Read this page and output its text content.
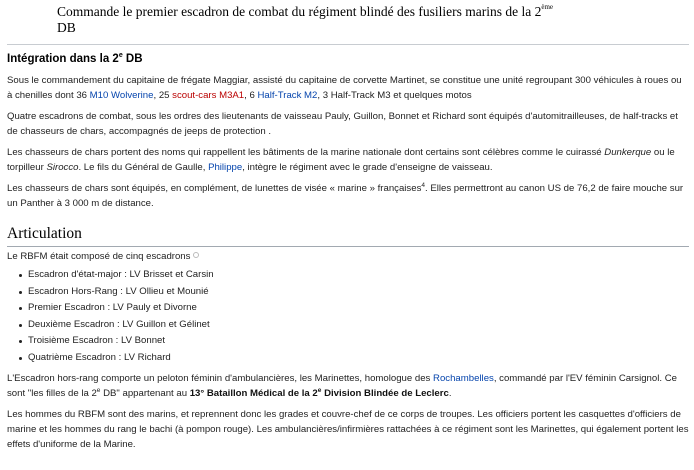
Commande le premier escadron de combat du régiment blindé des fusiliers marins de la 2ème
DB
Intégration dans la 2e DB

Sous le commandement du capitaine de frégate Maggiar, assisté du capitaine de corvette Martinet, se constitue une unité regroupant 300 véhicules à roues ou à chenilles dont 36 M10 Wolverine, 25 scout-cars M3A1, 6 Half-Track M2, 3 Half-Track M3 et quelques motos

Quatre escadrons de combat, sous les ordres des lieutenants de vaisseau Pauly, Guillon, Bonnet et Richard sont équipés d'automitrailleuses, de half-tracks et de chasseurs de chars, accompagnés de jeeps de protection .

Les chasseurs de chars portent des noms qui rappellent les bâtiments de la marine nationale dont certains sont célèbres comme le cuirassé Dunkerque ou le torpilleur Sirocco. Le fils du Général de Gaulle, Philippe, intègre le régiment avec le grade d'enseigne de vaisseau.

Les chasseurs de chars sont équipés, en complément, de lunettes de visée « marine » françaises$^4$. Elles permettront au canon US de 76,2 de faire mouche sur un Panther à 3 000 m de distance.

Articulation

Le RBFM était composé de cinq escadrons

Escadron d'état-major : LV Brisset et Carsin
Escadron Hors-Rang : LV Ollieu et Mounié
Premier Escadron : LV Pauly et Divorne
Deuxième Escadron : LV Guillon et Gélinet
Troisième Escadron : LV Bonnet
Quatrième Escadron : LV Richard

L'Escadron hors-rang comporte un peloton féminin d'ambulancières, les Marinettes, homologue des Rochambelles, commandé par l'EV féminin Carsignol. Ce sont "les filles de la 2e DB" appartenant au 13° Bataillon Médical de la 2e Division Blindée de Leclerc.

Les hommes du RBFM sont des marins, et reprennent donc les grades et couvre-chef de ce corps de troupes. Les officiers portent les casquettes d'officiers de marine et les hommes du rang le bachi (à pompon rouge). Les ambulancières/infirmières rattachées à ce régiment sont les Marinettes, qui également portent les effets d'uniforme de la Marine.
